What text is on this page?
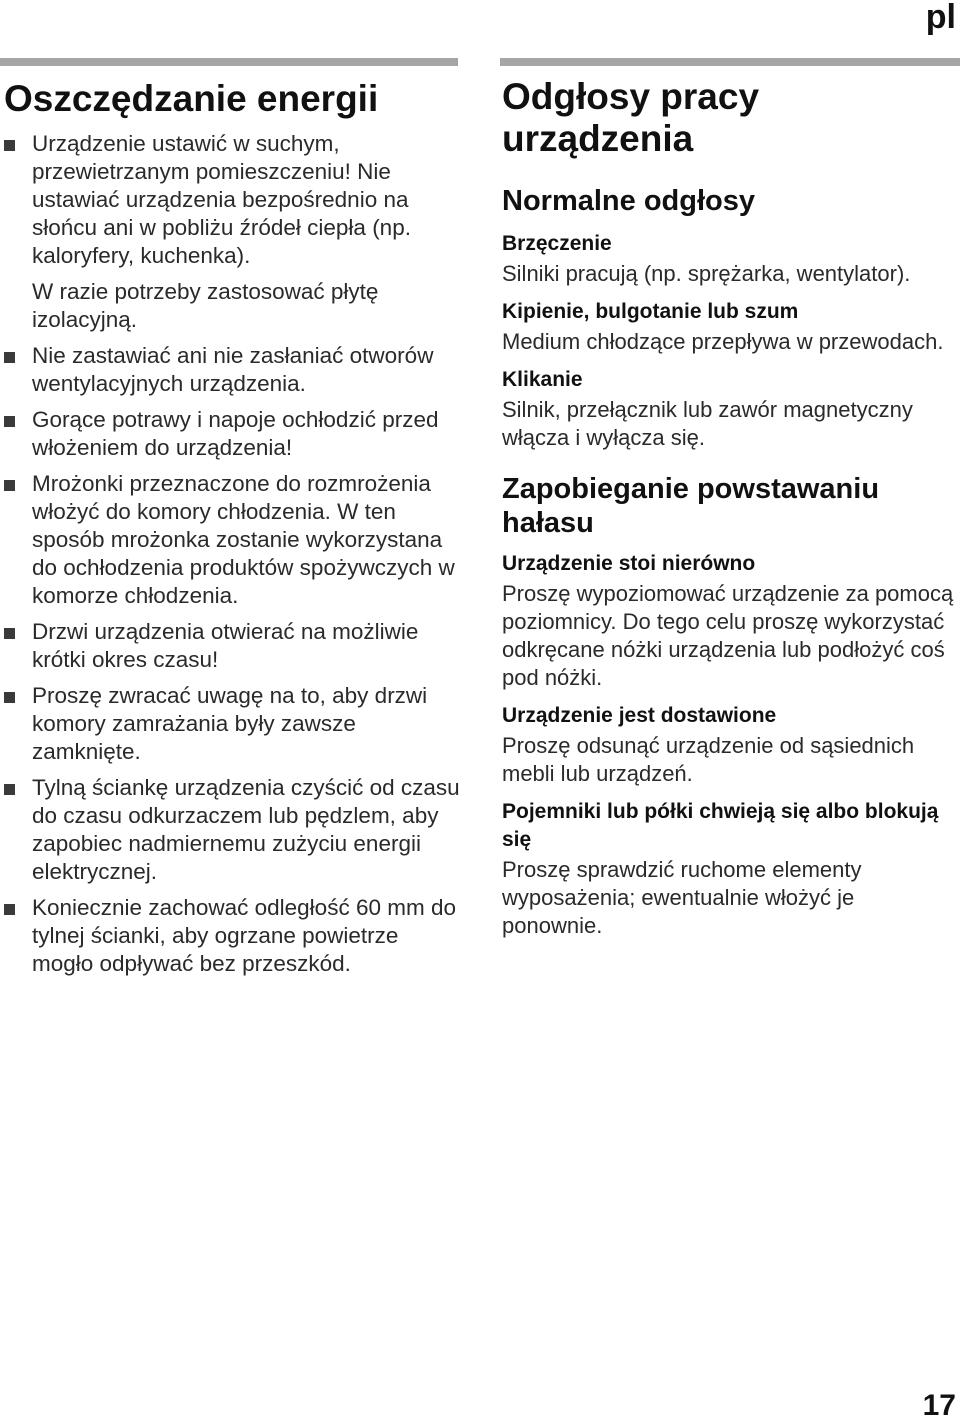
pl
Oszczędzanie energii

Urządzenie ustawić w suchym, przewietrzanym pomieszczeniu! Nie ustawiać urządzenia bezpośrednio na słońcu ani w pobliżu źródeł ciepła (np. kaloryfery, kuchenka).

W razie potrzeby zastosować płytę izolacyjną.

Nie zastawiać ani nie zasłaniać otworów wentylacyjnych urządzenia.

Gorące potrawy i napoje ochłodzić przed włożeniem do urządzenia!

Mrożonki przeznaczone do rozmrożenia włożyć do komory chłodzenia. W ten sposób mrożonka zostanie wykorzystana do ochłodzenia produktów spożywczych w komorze chłodzenia.

Drzwi urządzenia otwierać na możliwie krótki okres czasu!

Proszę zwracać uwagę na to, aby drzwi komory zamrażania były zawsze zamknięte.

Tylną ściankę urządzenia czyścić od czasu do czasu odkurzaczem lub pędzlem, aby zapobiec nadmiernemu zużyciu energii elektrycznej.

Koniecznie zachować odległość 60 mm do tylnej ścianki, aby ogrzane powietrze mogło odpływać bez przeszkód.

Odgłosy pracy urządzenia
Normalne odgłosy
Brzęczenie

Silniki pracują (np. sprężarka, wentylator).

Kipienie, bulgotanie lub szum

Medium chłodzące przepływa w przewodach.

Klikanie

Silnik, przełącznik lub zawór magnetyczny włącza i wyłącza się.

Zapobieganie powstawaniu hałasu
Urządzenie stoi nierówno

Proszę wypoziomować urządzenie za pomocą poziomnicy. Do tego celu proszę wykorzystać odkręcane nóżki urządzenia lub podłożyć coś pod nóżki.

Urządzenie jest dostawione

Proszę odsunąć urządzenie od sąsiednich mebli lub urządzeń.

Pojemniki lub półki chwieją się albo blokują się

Proszę sprawdzić ruchome elementy wyposażenia; ewentualnie włożyć je ponownie.

17
